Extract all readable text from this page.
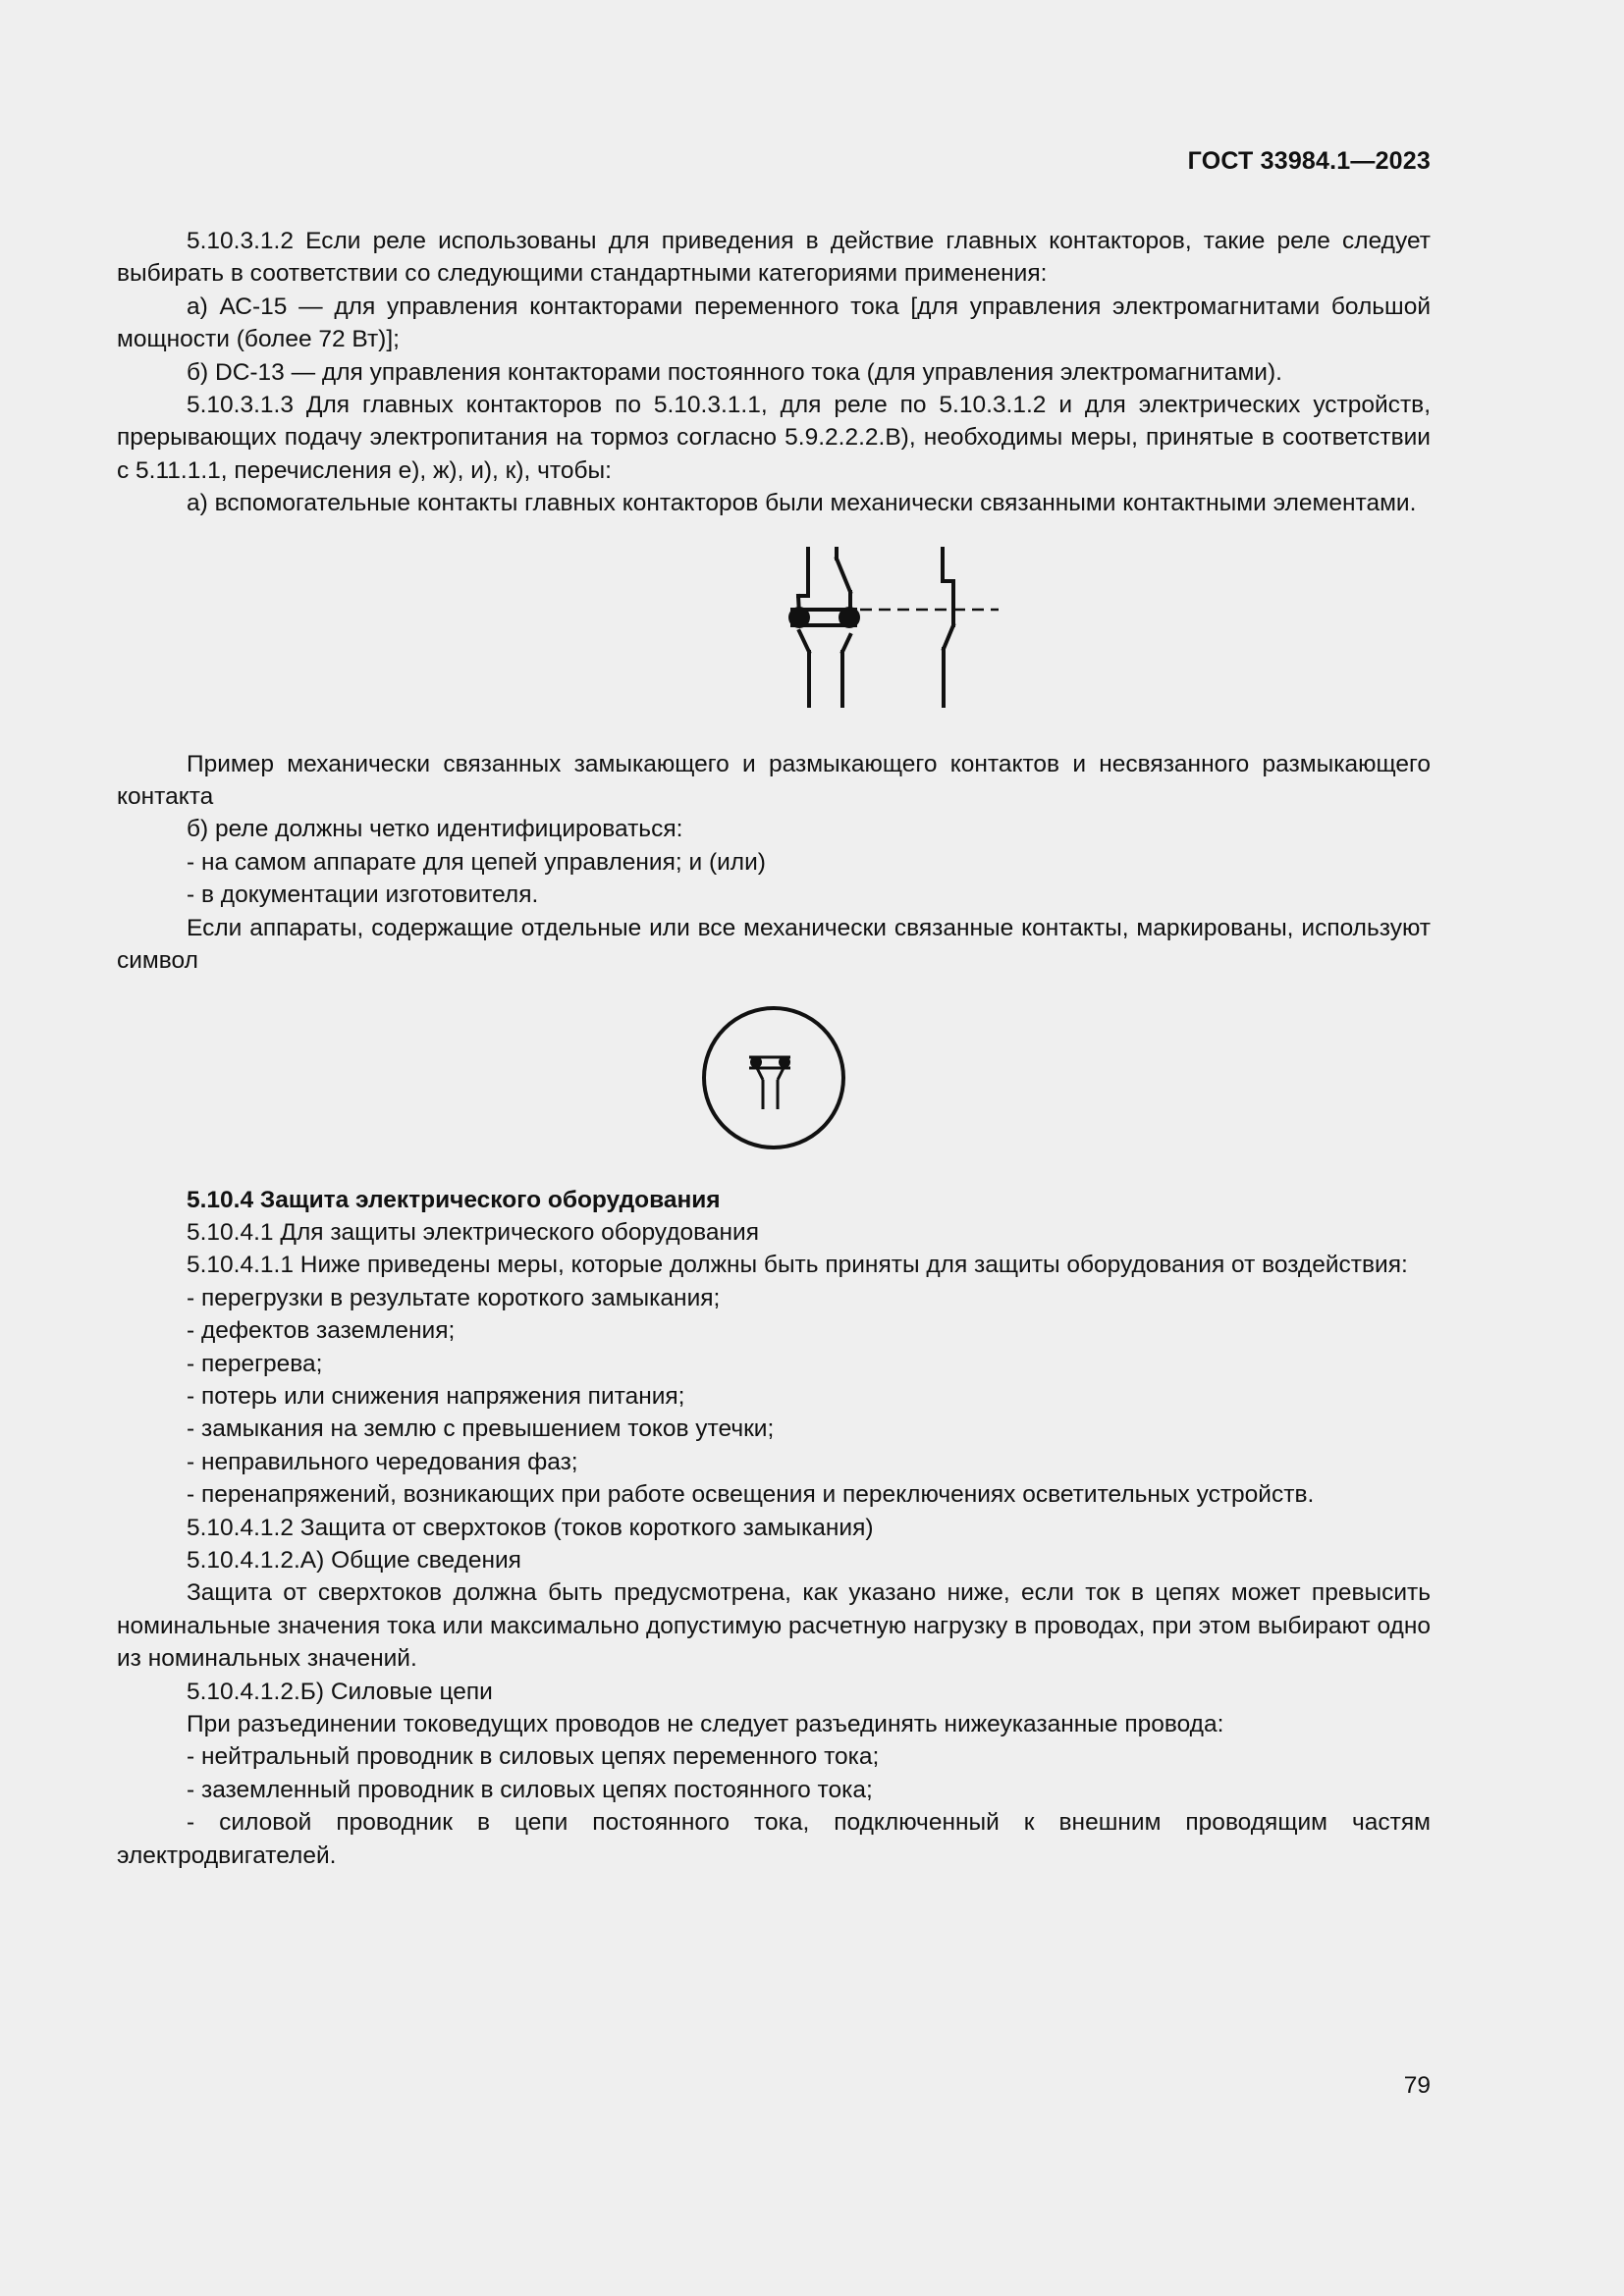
ГОСТ 33984.1—2023

5.10.3.1.2 Если реле использованы для приведения в действие главных контакторов, такие реле следует выбирать в соответствии со следующими стандартными категориями применения:

а) АС-15 — для управления контакторами переменного тока [для управления электромагнитами большой мощности (более 72 Вт)];

б) DC-13 — для управления контакторами постоянного тока (для управления электромагнитами).

5.10.3.1.3 Для главных контакторов по 5.10.3.1.1, для реле по 5.10.3.1.2 и для электрических устройств, прерывающих подачу электропитания на тормоз согласно 5.9.2.2.2.В), необходимы меры, принятые в соответствии с 5.11.1.1, перечисления е), ж), и), к), чтобы:

а) вспомогательные контакты главных контакторов были механически связанными контактными элементами.

Пример механически связанных замыкающего и размыкающего контактов и несвязанного размыкающего контакта

б) реле должны четко идентифицироваться:

- на самом аппарате для цепей управления; и (или)

- в документации изготовителя.

Если аппараты, содержащие отдельные или все механически связанные контакты, маркированы, используют символ

5.10.4 Защита электрического оборудования

5.10.4.1 Для защиты электрического оборудования

5.10.4.1.1 Ниже приведены меры, которые должны быть приняты для защиты оборудования от воздействия:

- перегрузки в результате короткого замыкания;

- дефектов заземления;

- перегрева;

- потерь или снижения напряжения питания;

- замыкания на землю с превышением токов утечки;

- неправильного чередования фаз;

- перенапряжений, возникающих при работе освещения и переключениях осветительных устройств.

5.10.4.1.2 Защита от сверхтоков (токов короткого замыкания)

5.10.4.1.2.А) Общие сведения

Защита от сверхтоков должна быть предусмотрена, как указано ниже, если ток в цепях может превысить номинальные значения тока или максимально допустимую расчетную нагрузку в проводах, при этом выбирают одно из номинальных значений.

5.10.4.1.2.Б) Силовые цепи

При разъединении токоведущих проводов не следует разъединять нижеуказанные провода:

- нейтральный проводник в силовых цепях переменного тока;

- заземленный проводник в силовых цепях постоянного тока;

- силовой проводник в цепи постоянного тока, подключенный к внешним проводящим частям электродвигателей.

79
